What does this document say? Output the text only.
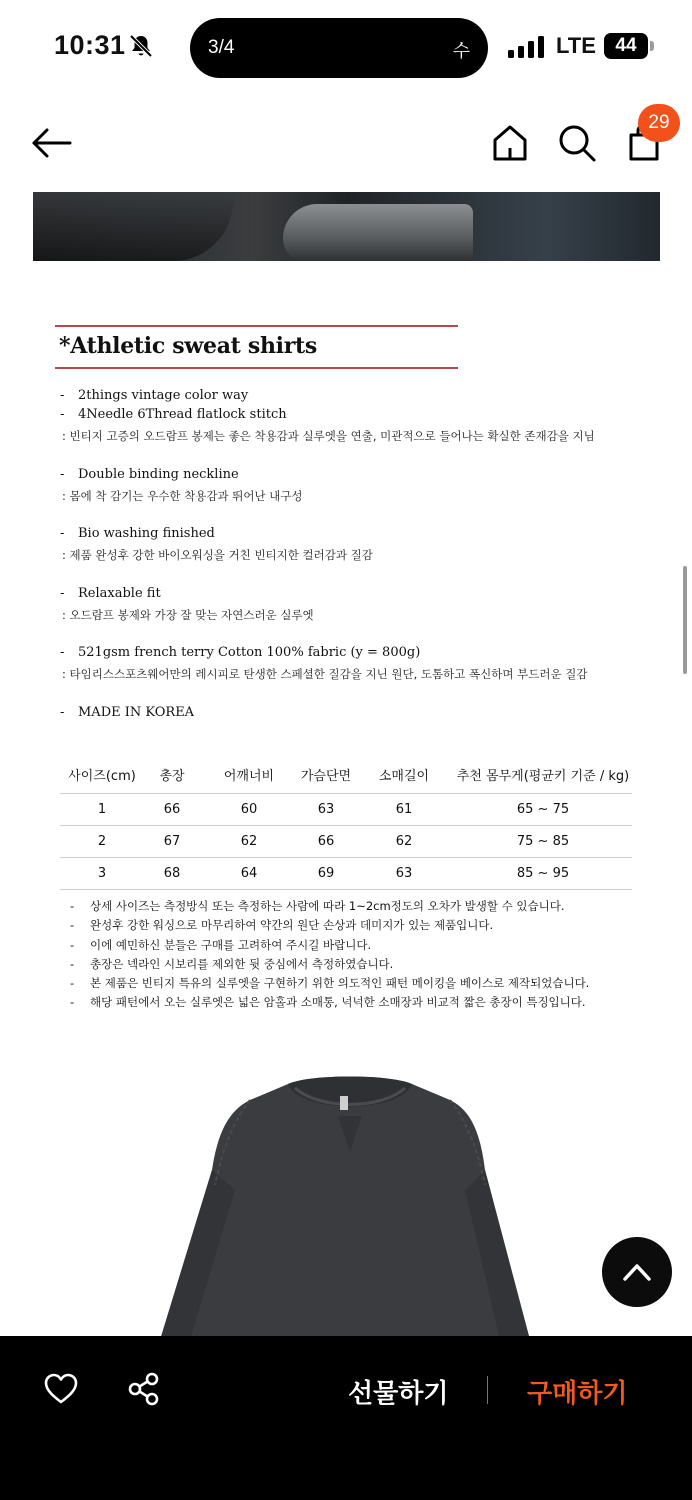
10:31	3/4	수	LTE	44
29
*Athletic sweat shirts
- 2things vintage color way
- 4Needle 6Thread flatlock stitch
: 빈티지 고증의 오드람프 봉제는 좋은 착용감과 실루엣을 연출, 미관적으로 들어나는 확실한 존재감을 지님
- Double binding neckline
: 몸에 착 감기는 우수한 착용감과 뛰어난 내구성
- Bio washing finished
: 제품 완성후 강한 바이오워싱을 거친 빈티지한 컬러감과 질감
- Relaxable fit
: 오드람프 봉제와 가장 잘 맞는 자연스러운 실루엣
- 521gsm french terry Cotton 100% fabric (y = 800g)
: 타임리스스포츠웨어만의 레시피로 탄생한 스페셜한 질감을 지닌 원단, 도톰하고 폭신하며 부드러운 질감
- MADE IN KOREA
사이즈(cm)	총장	어깨너비	가슴단면	소매길이	추천 몸무게(평균키 기준 / kg)
1	66	60	63	61	65 ~ 75
2	67	62	66	62	75 ~ 85
3	68	64	69	63	85 ~ 95
- 상세 사이즈는 측정방식 또는 측정하는 사람에 따라 1~2cm정도의 오차가 발생할 수 있습니다.
- 완성후 강한 워싱으로 마무리하여 약간의 원단 손상과 데미지가 있는 제품입니다.
- 이에 예민하신 분들은 구매를 고려하여 주시길 바랍니다.
- 총장은 넥라인 시보리를 제외한 뒷 중심에서 측정하였습니다.
- 본 제품은 빈티지 특유의 실루엣을 구현하기 위한 의도적인 패턴 메이킹을 베이스로 제작되었습니다.
- 해당 패턴에서 오는 실루엣은 넓은 암홀과 소매통, 넉넉한 소매장과 비교적 짧은 총장이 특징입니다.
선물하기	구매하기
